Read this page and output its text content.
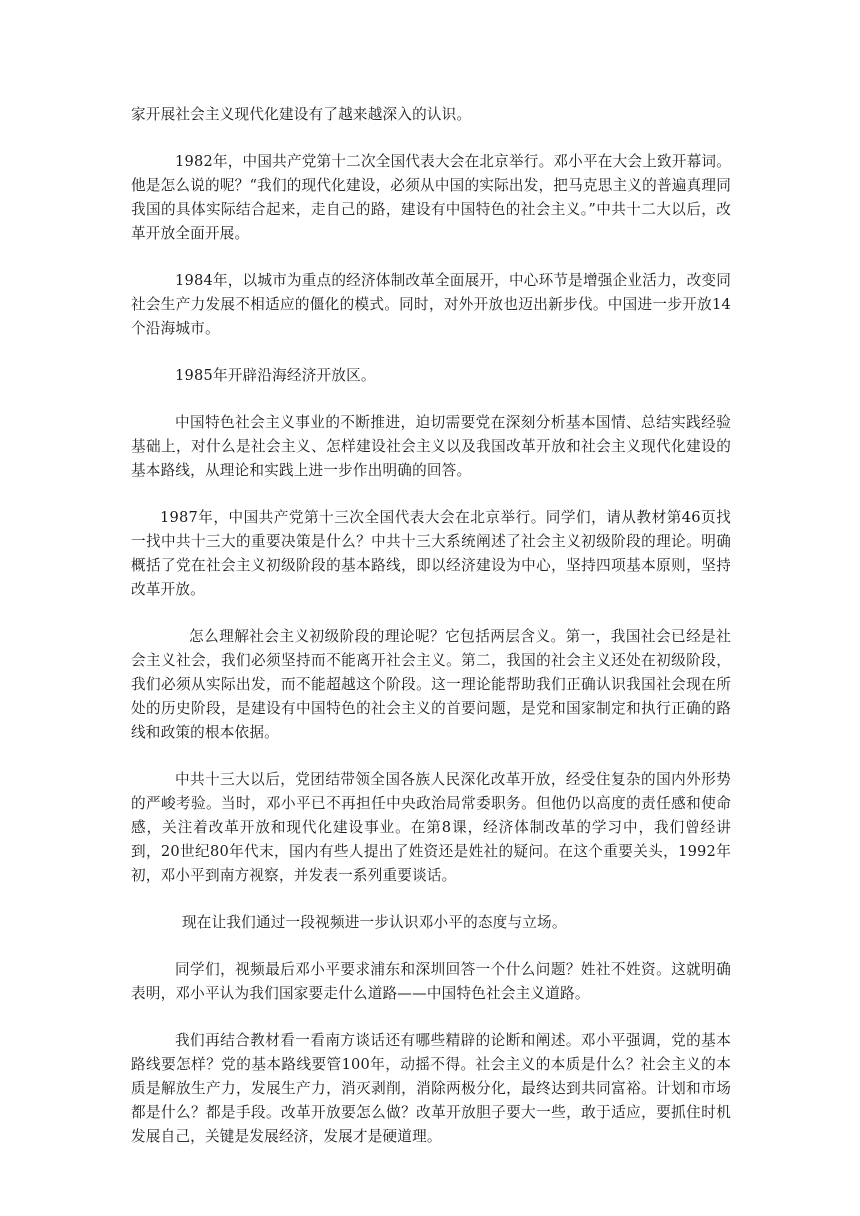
家开展社会主义现代化建设有了越来越深入的认识。

1982年，中国共产党第十二次全国代表大会在北京举行。邓小平在大会上致开幕词。他是怎么说的呢？“我们的现代化建设，必须从中国的实际出发，把马克思主义的普遍真理同我国的具体实际结合起来，走自己的路，建设有中国特色的社会主义。”中共十二大以后，改革开放全面开展。

1984年，以城市为重点的经济体制改革全面展开，中心环节是增强企业活力，改变同社会生产力发展不相适应的僵化的模式。同时，对外开放也迈出新步伐。中国进一步开放14个沿海城市。

1985年开辟沿海经济开放区。

中国特色社会主义事业的不断推进，迫切需要党在深刻分析基本国情、总结实践经验基础上，对什么是社会主义、怎样建设社会主义以及我国改革开放和社会主义现代化建设的基本路线，从理论和实践上进一步作出明确的回答。

1987年，中国共产党第十三次全国代表大会在北京举行。同学们，请从教材第46页找一找中共十三大的重要决策是什么？中共十三大系统阐述了社会主义初级阶段的理论。明确概括了党在社会主义初级阶段的基本路线，即以经济建设为中心，坚持四项基本原则，坚持改革开放。

怎么理解社会主义初级阶段的理论呢？它包括两层含义。第一，我国社会已经是社会主义社会，我们必须坚持而不能离开社会主义。第二，我国的社会主义还处在初级阶段，我们必须从实际出发，而不能超越这个阶段。这一理论能帮助我们正确认识我国社会现在所处的历史阶段，是建设有中国特色的社会主义的首要问题，是党和国家制定和执行正确的路线和政策的根本依据。

中共十三大以后，党团结带领全国各族人民深化改革开放，经受住复杂的国内外形势的严峻考验。当时，邓小平已不再担任中央政治局常委职务。但他仍以高度的责任感和使命感，关注着改革开放和现代化建设事业。在第8课，经济体制改革的学习中，我们曾经讲到，20世纪80年代末，国内有些人提出了姓资还是姓社的疑问。在这个重要关头，1992年初，邓小平到南方视察，并发表一系列重要谈话。

现在让我们通过一段视频进一步认识邓小平的态度与立场。

同学们，视频最后邓小平要求浦东和深圳回答一个什么问题？姓社不姓资。这就明确表明，邓小平认为我们国家要走什么道路——中国特色社会主义道路。

我们再结合教材看一看南方谈话还有哪些精辟的论断和阐述。邓小平强调，党的基本路线要怎样？党的基本路线要管100年，动摇不得。社会主义的本质是什么？社会主义的本质是解放生产力，发展生产力，消灭剥削，消除两极分化，最终达到共同富裕。计划和市场都是什么？都是手段。改革开放要怎么做？改革开放胆子要大一些，敢于适应，要抓住时机发展自己，关键是发展经济，发展才是硬道理。
